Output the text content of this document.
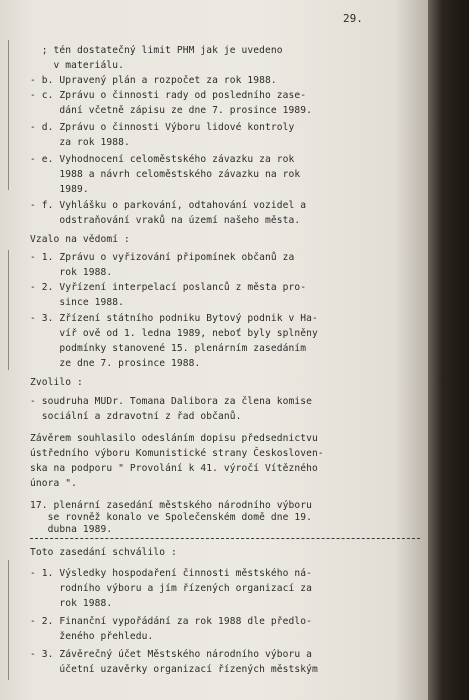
29.
; tén dostatečný limit PHM jak je uvedeno
v materiálu.
- b. Upravený plán a rozpočet za rok 1988.
- c. Zprávu o činnosti rady od posledního zase-
dání včetně zápisu ze dne 7. prosince 1989.
- d. Zprávu o činnosti Výboru lidové kontroly
za rok 1988.
- e. Vyhodnocení celoměstského závazku za rok
1988 a návrh celoměstského závazku na rok
1989.
- f. Vyhlášku o parkování, odtahování vozidel a
odstraňování vraků na území našeho města.
Vzalo na vědomí :
- 1. Zprávu o vyřizování připomínek občanů za
rok 1988.
- 2. Vyřízení interpelací poslanců z města pro-
since 1988.
- 3. Zřízení státního podniku Bytový podnik v Ha-
víř ově od 1. ledna 1989, neboť byly splněny
podmínky stanovené 15. plenárním zasedáním
ze dne 7. prosince 1988.
Zvolilo :
- soudruha MUDr. Tomana Dalibora za člena komise
sociální a zdravotní z řad občanů.
Závěrem souhlasilo odesláním dopisu předsednictvu
ústředního výboru Komunistické strany Českosloven-
ska na podporu " Provolání k 41. výročí Vítězného
února ".
17. plenární zasedání městského národního výboru
se rovněž konalo ve Společenském domě dne 19.
dubna 1989.
Toto zasedání schválilo :
- 1. Výsledky hospodaření činnosti městského ná-
rodního výboru a jím řízených organizací za
rok 1988.
- 2. Finanční vypořádání za rok 1988 dle předlo-
ženého přehledu.
- 3. Závěrečný účet Městského národního výboru a
účetní uzavěrky organizací řízených městským
